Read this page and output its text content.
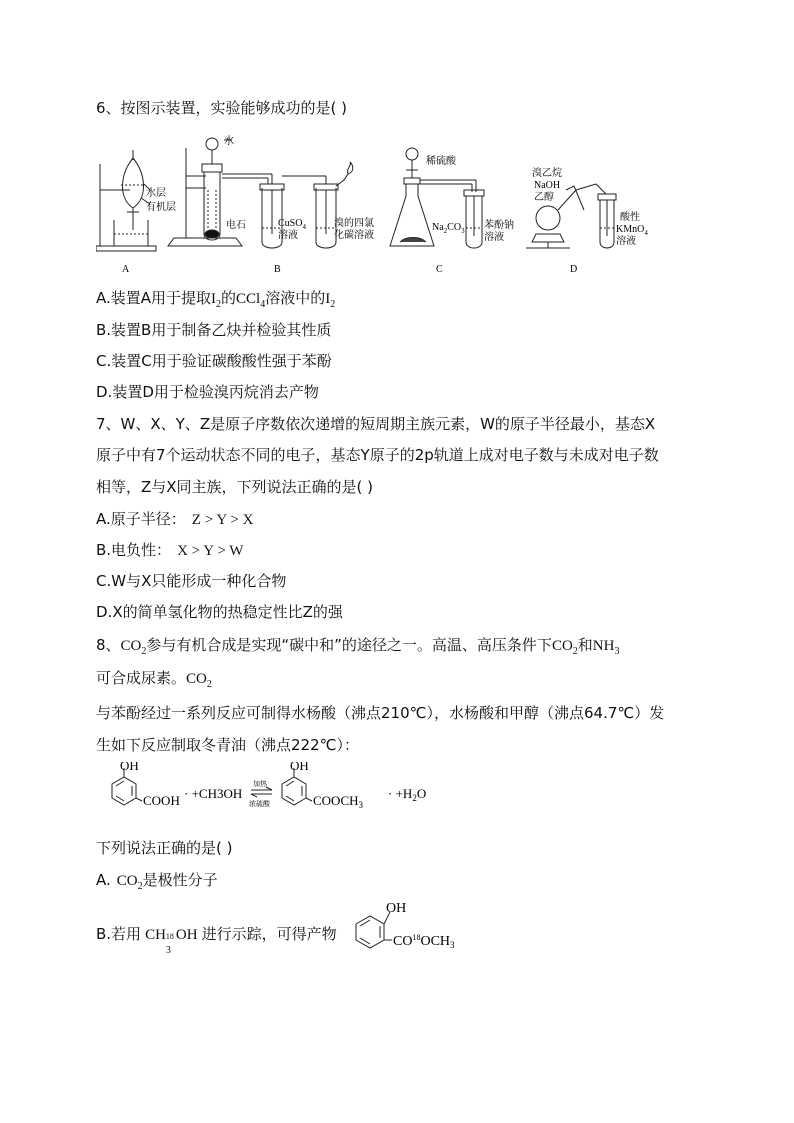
6、按图示装置，实验能够成功的是( )
水层
有机层
水
电石	CuSO$_4$
溶液
溴的四氯
化碳溶液
稀硫酸
$Na_2CO_3$ 苯酚钠
溶液
溴乙烷
NaOH
乙醇
酸性
KMnO$_4$
溶液
A	B	C	D
A.装置A用于提取$I_2$的CCl$_4$溶液中的$I_2$
B.装置B用于制备乙炔并检验其性质
C.装置C用于验证碳酸酸性强于苯酚
D.装置D用于检验溴丙烷消去产物
7、W、X、Y、Z是原子序数依次递增的短周期主族元素，W的原子半径最小，基态X
原子中有7个运动状态不同的电子，基态Y原子的2p轨道上成对电子数与未成对电子数
相等，Z与X同主族，下列说法正确的是( )
A.原子半径： Z > Y > X
B.电负性： X > Y > W
C.W与X只能形成一种化合物
D.X的简单氢化物的热稳定性比Z的强
8、$CO_2$参与有机合成是实现“碳中和”的途径之一。高温、高压条件下$CO_2$和$NH_3$
可合成尿素。$CO_2$
与苯酚经过一系列反应可制得水杨酸（沸点210℃），水杨酸和甲醇（沸点64.7℃）发
生如下反应制取冬青油（沸点222℃）：
OH
COOH · +CH3OH
加热
浓硫酸
OH
$COOCH_3$
· $+H_2O$
下列说法正确的是( )
A. $CO_2$是极性分子
B.若用 CH 18
3
OH 进行示踪，可得产物
OH
$CO^{18}OCH_3$
